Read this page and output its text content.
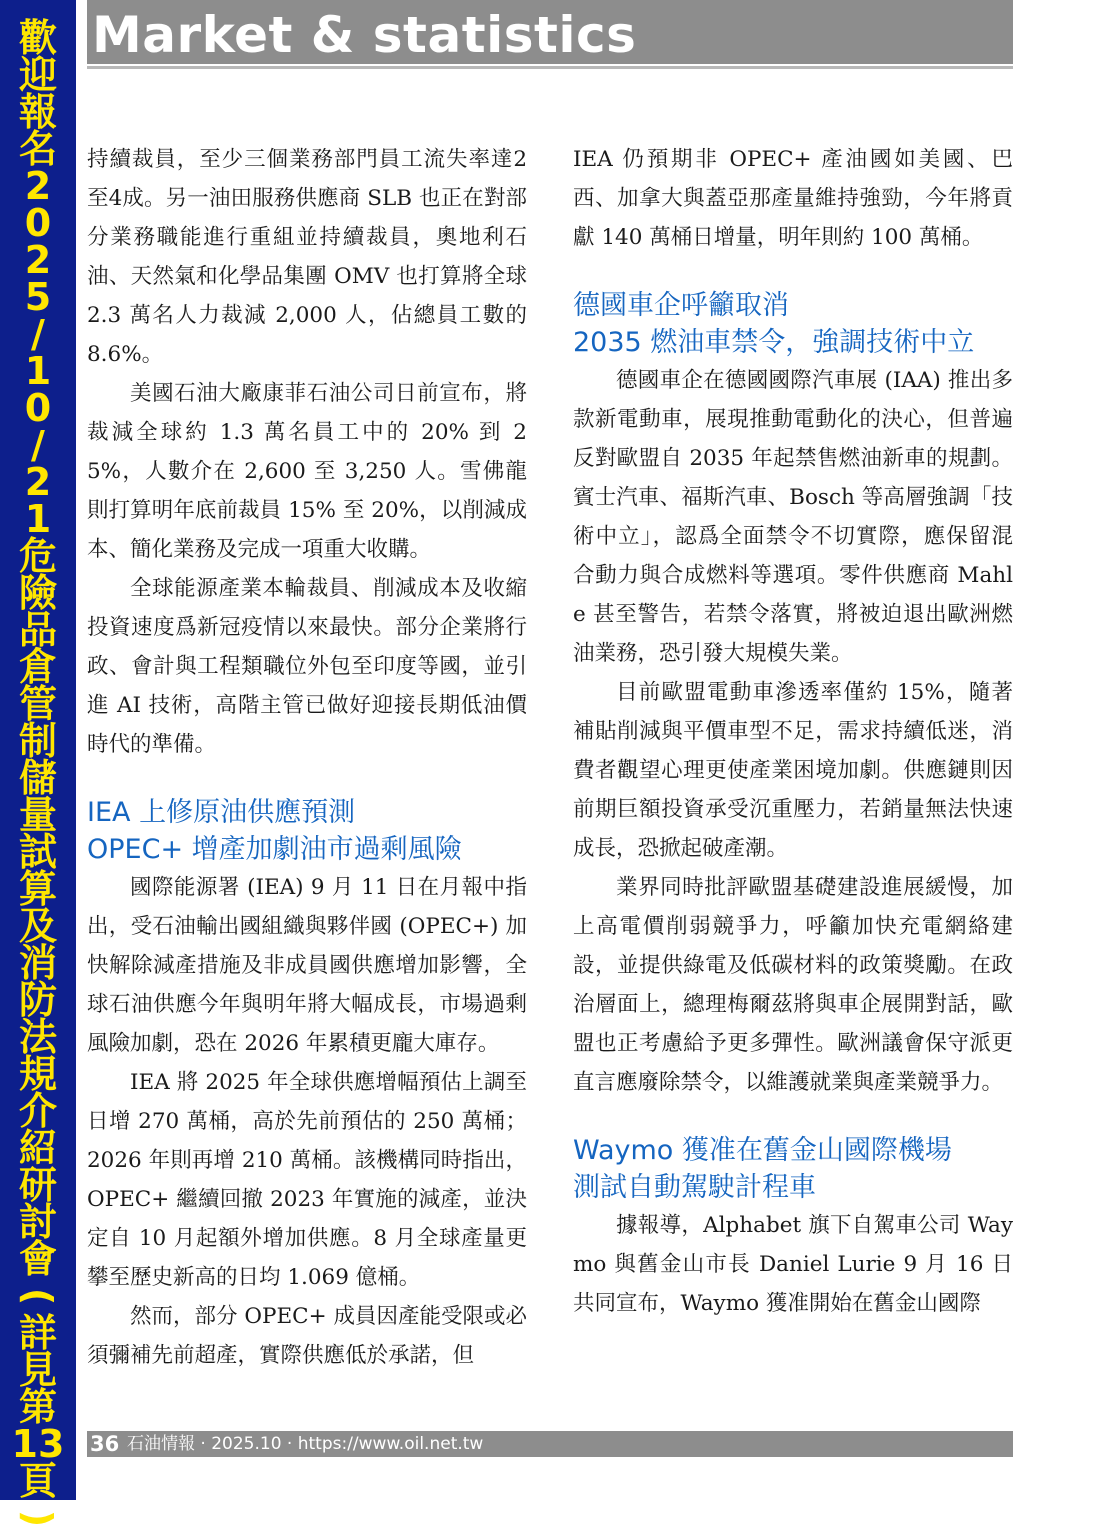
歡
迎
報
名
2
0
2
5
/
1
0
/
2
1
危
險
品
倉
管
制
儲
量
試
算
及
消
防
法
規
介
紹
研
討
會
(
詳
見
第
13
頁
)
Market & statistics

持續裁員，至少三個業務部門員工流失率達2至4成。另一油田服務供應商 SLB 也正在對部分業務職能進行重組並持續裁員，奧地利石油、天然氣和化學品集團 OMV 也打算將全球 2.3 萬名人力裁減 2,000 人，佔總員工數的 8.6%。

美國石油大廠康菲石油公司日前宣布，將裁減全球約 1.3 萬名員工中的 20% 到 25%，人數介在 2,600 至 3,250 人。雪佛龍則打算明年底前裁員 15% 至 20%，以削減成本、簡化業務及完成一項重大收購。

全球能源產業本輪裁員、削減成本及收縮投資速度爲新冠疫情以來最快。部分企業將行政、會計與工程類職位外包至印度等國，並引進 AI 技術，高階主管已做好迎接長期低油價時代的準備。

IEA 上修原油供應預測
OPEC+ 增產加劇油市過剩風險

國際能源署 (IEA) 9 月 11 日在月報中指出，受石油輸出國組織與夥伴國 (OPEC+) 加快解除減產措施及非成員國供應增加影響，全球石油供應今年與明年將大幅成長，市場過剩風險加劇，恐在 2026 年累積更龐大庫存。

IEA 將 2025 年全球供應增幅預估上調至日增 270 萬桶，高於先前預估的 250 萬桶；2026 年則再增 210 萬桶。該機構同時指出，OPEC+ 繼續回撤 2023 年實施的減產，並決定自 10 月起額外增加供應。8 月全球產量更攀至歷史新高的日均 1.069 億桶。

然而，部分 OPEC+ 成員因產能受限或必須彌補先前超產，實際供應低於承諾，但

IEA 仍預期非 OPEC+ 產油國如美國、巴西、加拿大與蓋亞那產量維持強勁，今年將貢獻 140 萬桶日增量，明年則約 100 萬桶。

德國車企呼籲取消
2035 燃油車禁令，強調技術中立

德國車企在德國國際汽車展 (IAA) 推出多款新電動車，展現推動電動化的決心，但普遍反對歐盟自 2035 年起禁售燃油新車的規劃。賓士汽車、福斯汽車、Bosch 等高層強調「技術中立」，認爲全面禁令不切實際，應保留混合動力與合成燃料等選項。零件供應商 Mahle 甚至警告，若禁令落實，將被迫退出歐洲燃油業務，恐引發大規模失業。

目前歐盟電動車滲透率僅約 15%，隨著補貼削減與平價車型不足，需求持續低迷，消費者觀望心理更使產業困境加劇。供應鏈則因前期巨額投資承受沉重壓力，若銷量無法快速成長，恐掀起破產潮。

業界同時批評歐盟基礎建設進展緩慢，加上高電價削弱競爭力，呼籲加快充電網絡建設，並提供綠電及低碳材料的政策獎勵。在政治層面上，總理梅爾茲將與車企展開對話，歐盟也正考慮給予更多彈性。歐洲議會保守派更直言應廢除禁令，以維護就業與產業競爭力。

Waymo 獲准在舊金山國際機場
測試自動駕駛計程車

據報導，Alphabet 旗下自駕車公司 Waymo 與舊金山市長 Daniel Lurie 9 月 16 日共同宣布，Waymo 獲准開始在舊金山國際

36 石油情報 ‧ 2025.10 ‧ https://www.oil.net.tw
